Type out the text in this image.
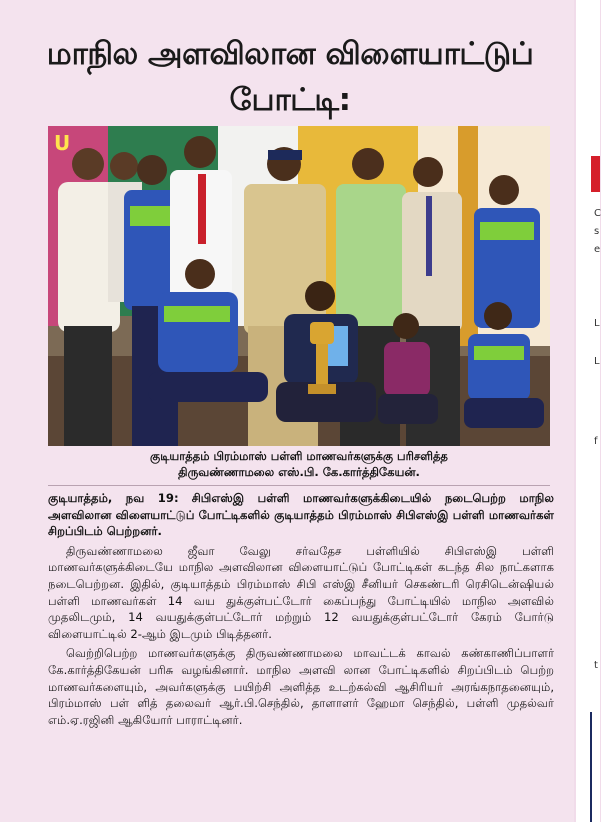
மாநில அளவிலான விளையாட்டுப் போட்டி:
U
குடியாத்தம் பிரம்மாஸ் பள்ளி மாணவர்களுக்கு பரிசளித்த
திருவண்ணாமலை எஸ்.பி. கே.கார்த்திகேயன்.

குடியாத்தம், நவ 19: சிபிஎஸ்இ பள்ளி மாணவர்களுக்கிடையில் நடைபெற்ற மாநில அளவிலான விளையாட்டுப் போட்டிகளில் குடியாத்தம் பிரம்மாஸ் சிபிஎஸ்இ பள்ளி மாணவர்கள் சிறப்பிடம் பெற்றனர்.

திருவண்ணாமலை ஜீவா வேலு சர்வதேச பள்ளியில் சிபிஎஸ்இ பள்ளி மாணவர்களுக்கிடையே மாநில அளவிலான விளையாட்டுப் போட்டிகள் கடந்த சில நாட்களாக நடைபெற்றன. இதில், குடியாத்தம் பிரம்மாஸ் சிபி எஸ்இ சீனியர் செகண்டரி ரெசிடென்ஷியல் பள்ளி மாணவர்கள் 14 வய துக்குள்பட்டோர் கைப்பந்து போட்டியில் மாநில அளவில் முதலிடமும், 14 வயதுக்குள்பட்டோர் மற்றும் 12 வயதுக்குள்பட்டோர் கேரம் போர்டு விளையாட்டில் 2-ஆம் இடமும் பிடித்தனர்.

வெற்றிபெற்ற மாணவர்களுக்கு திருவண்ணாமலை மாவட்டக் காவல் கண்காணிப்பாளர் கே.கார்த்திகேயன் பரிசு வழங்கினார். மாநில அளவி லான போட்டிகளில் சிறப்பிடம் பெற்ற மாணவர்களையும், அவர்களுக்கு பயிற்சி அளித்த உடற்கல்வி ஆசிரியர் அரங்கநாதனையும், பிரம்மாஸ் பள் ளித் தலைவர் ஆர்.பி.செந்தில், தாளாளர் ஹேமா செந்தில், பள்ளி முதல்வர் எம்.ஏ.ரஜினி ஆகியோர் பாராட்டினர்.

C
s
e
L
L
f
t
